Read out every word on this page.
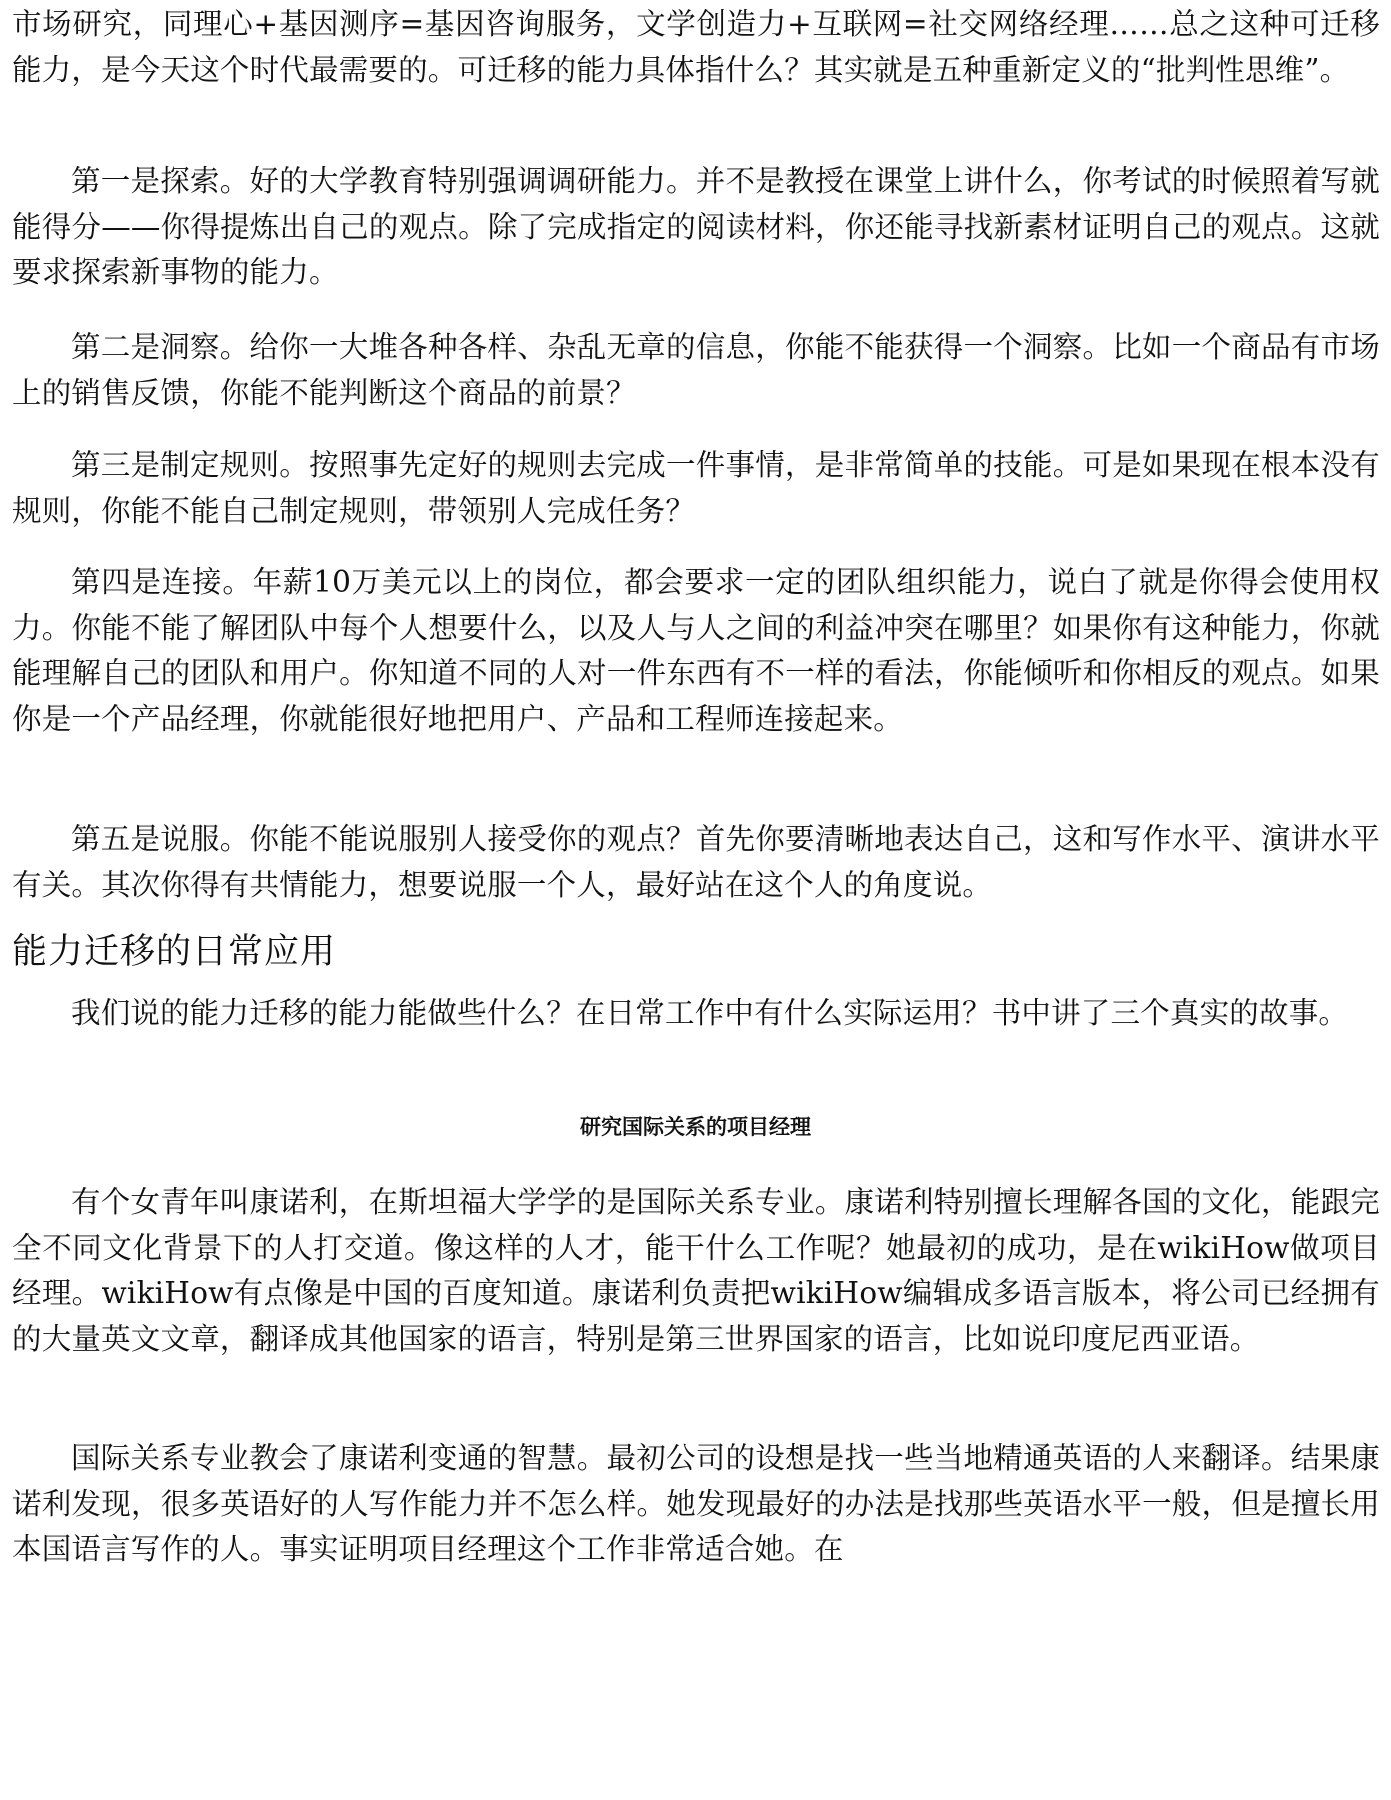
市场研究，同理心+基因测序=基因咨询服务，文学创造力+互联网=社交网络经理……总之这种可迁移能力，是今天这个时代最需要的。可迁移的能力具体指什么？其实就是五种重新定义的“批判性思维”。

第一是探索。好的大学教育特别强调调研能力。并不是教授在课堂上讲什么，你考试的时候照着写就能得分——你得提炼出自己的观点。除了完成指定的阅读材料，你还能寻找新素材证明自己的观点。这就要求探索新事物的能力。

第二是洞察。给你一大堆各种各样、杂乱无章的信息，你能不能获得一个洞察。比如一个商品有市场上的销售反馈，你能不能判断这个商品的前景？

第三是制定规则。按照事先定好的规则去完成一件事情，是非常简单的技能。可是如果现在根本没有规则，你能不能自己制定规则，带领别人完成任务？

第四是连接。年薪10万美元以上的岗位，都会要求一定的团队组织能力，说白了就是你得会使用权力。你能不能了解团队中每个人想要什么，以及人与人之间的利益冲突在哪里？如果你有这种能力，你就能理解自己的团队和用户。你知道不同的人对一件东西有不一样的看法，你能倾听和你相反的观点。如果你是一个产品经理，你就能很好地把用户、产品和工程师连接起来。

第五是说服。你能不能说服别人接受你的观点？首先你要清晰地表达自己，这和写作水平、演讲水平有关。其次你得有共情能力，想要说服一个人，最好站在这个人的角度说。

能力迁移的日常应用

我们说的能力迁移的能力能做些什么？在日常工作中有什么实际运用？书中讲了三个真实的故事。

研究国际关系的项目经理

有个女青年叫康诺利，在斯坦福大学学的是国际关系专业。康诺利特别擅长理解各国的文化，能跟完全不同文化背景下的人打交道。像这样的人才，能干什么工作呢？她最初的成功，是在wikiHow做项目经理。wikiHow有点像是中国的百度知道。康诺利负责把wikiHow编辑成多语言版本，将公司已经拥有的大量英文文章，翻译成其他国家的语言，特别是第三世界国家的语言，比如说印度尼西亚语。

国际关系专业教会了康诺利变通的智慧。最初公司的设想是找一些当地精通英语的人来翻译。结果康诺利发现，很多英语好的人写作能力并不怎么样。她发现最好的办法是找那些英语水平一般，但是擅长用本国语言写作的人。事实证明项目经理这个工作非常适合她。在
